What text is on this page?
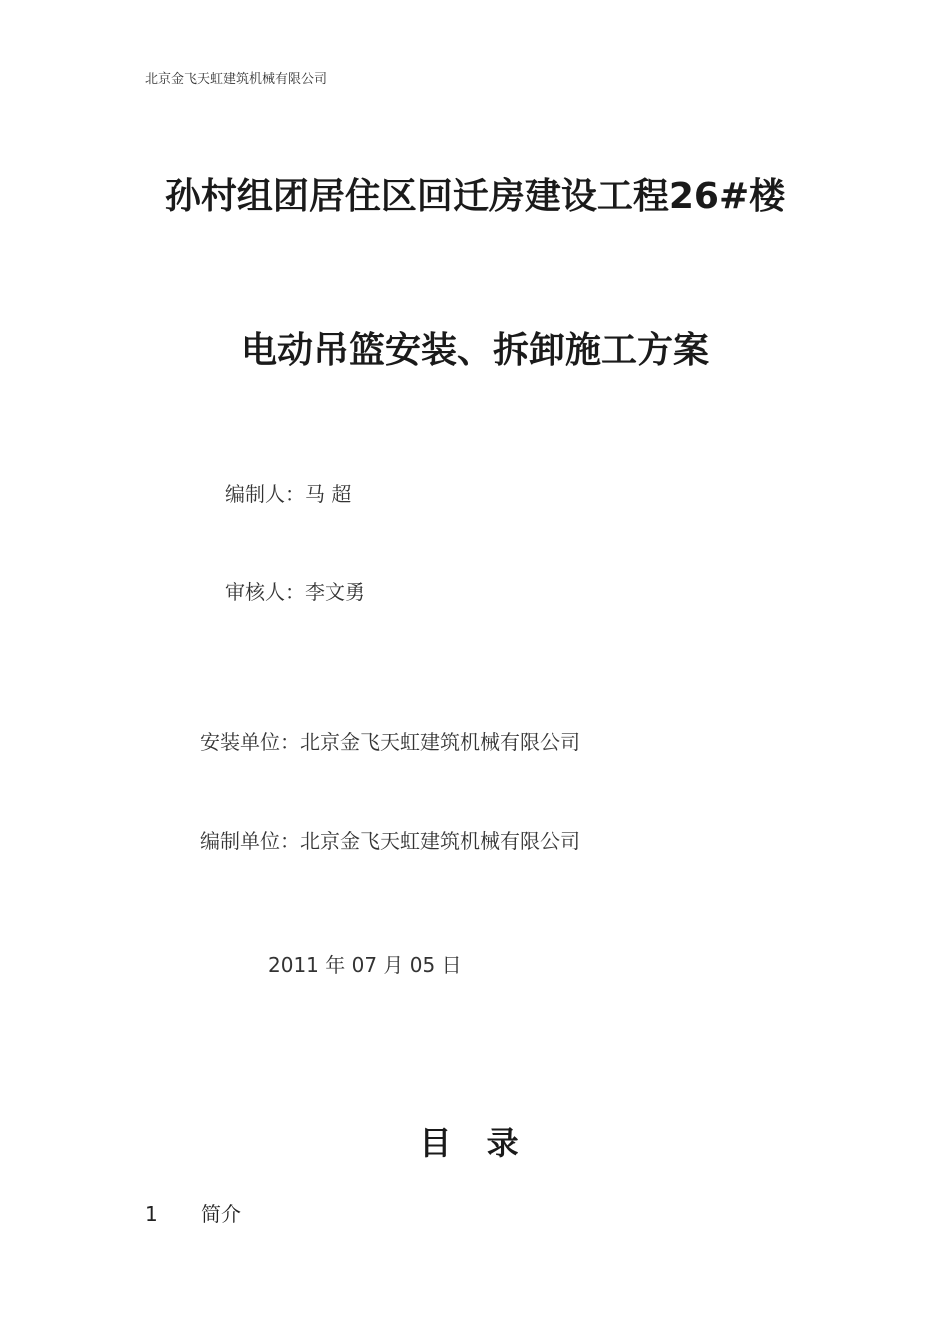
北京金飞天虹建筑机械有限公司
孙村组团居住区回迁房建设工程26#楼
电动吊篮安装、拆卸施工方案
编制人：马 超
审核人：李文勇
安装单位：北京金飞天虹建筑机械有限公司
编制单位：北京金飞天虹建筑机械有限公司
2011 年 07 月 05 日
目 录
1 简介
